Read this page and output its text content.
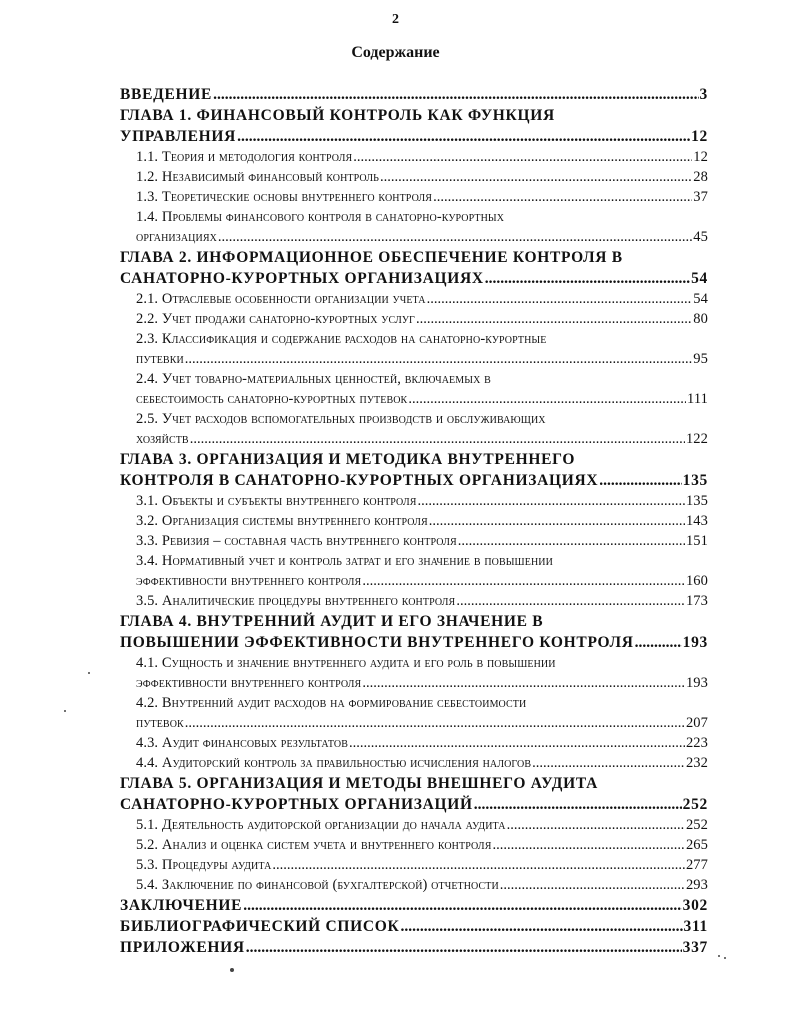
2
Содержание
ВВЕДЕНИЕ .....	3
ГЛАВА 1. ФИНАНСОВЫЙ КОНТРОЛЬ КАК ФУНКЦИЯ
УПРАВЛЕНИЯ .....	12
1.1. Теория и методология контроля .....	12
1.2. Независимый финансовый контроль .....	28
1.3. Теоретические основы внутреннего контроля .....	37
1.4. Проблемы финансового контроля в санаторно-курортных
организациях .....	45
ГЛАВА 2. ИНФОРМАЦИОННОЕ ОБЕСПЕЧЕНИЕ КОНТРОЛЯ В
САНАТОРНО-КУРОРТНЫХ ОРГАНИЗАЦИЯХ .....	54
2.1. Отраслевые особенности организации учета .....	54
2.2. Учет продажи санаторно-курортных услуг .....	80
2.3. Классификация и содержание расходов на санаторно-курортные
путевки .....	95
2.4. Учет товарно-материальных ценностей, включаемых в
себестоимость санаторно-курортных путевок .....	111
2.5. Учет расходов вспомогательных производств и обслуживающих
хозяйств .....	122
ГЛАВА 3. ОРГАНИЗАЦИЯ И МЕТОДИКА ВНУТРЕННЕГО
КОНТРОЛЯ В САНАТОРНО-КУРОРТНЫХ ОРГАНИЗАЦИЯХ .....	135
3.1. Объекты и субъекты внутреннего контроля .....	135
3.2. Организация системы внутреннего контроля .....	143
3.3. Ревизия – составная часть внутреннего контроля .....	151
3.4. Нормативный учет и контроль затрат и его значение в повышении
эффективности внутреннего контроля .....	160
3.5. Аналитические процедуры внутреннего контроля .....	173
ГЛАВА 4. ВНУТРЕННИЙ АУДИТ И ЕГО ЗНАЧЕНИЕ В
ПОВЫШЕНИИ ЭФФЕКТИВНОСТИ ВНУТРЕННЕГО КОНТРОЛЯ .....	193
4.1. Сущность и значение внутреннего аудита и его роль в повышении
эффективности внутреннего контроля .....	193
4.2. Внутренний аудит расходов на формирование себестоимости
путевок .....	207
4.3. Аудит финансовых результатов .....	223
4.4. Аудиторский контроль за правильностью исчисления налогов .....	232
ГЛАВА 5. ОРГАНИЗАЦИЯ И МЕТОДЫ ВНЕШНЕГО АУДИТА
САНАТОРНО-КУРОРТНЫХ ОРГАНИЗАЦИЙ .....	252
5.1. Деятельность аудиторской организации до начала аудита .....	252
5.2. Анализ и оценка систем учета и внутреннего контроля .....	265
5.3. Процедуры аудита .....	277
5.4. Заключение по финансовой (бухгалтерской) отчетности .....	293
ЗАКЛЮЧЕНИЕ .....	302
БИБЛИОГРАФИЧЕСКИЙ СПИСОК .....	311
ПРИЛОЖЕНИЯ .....	337
